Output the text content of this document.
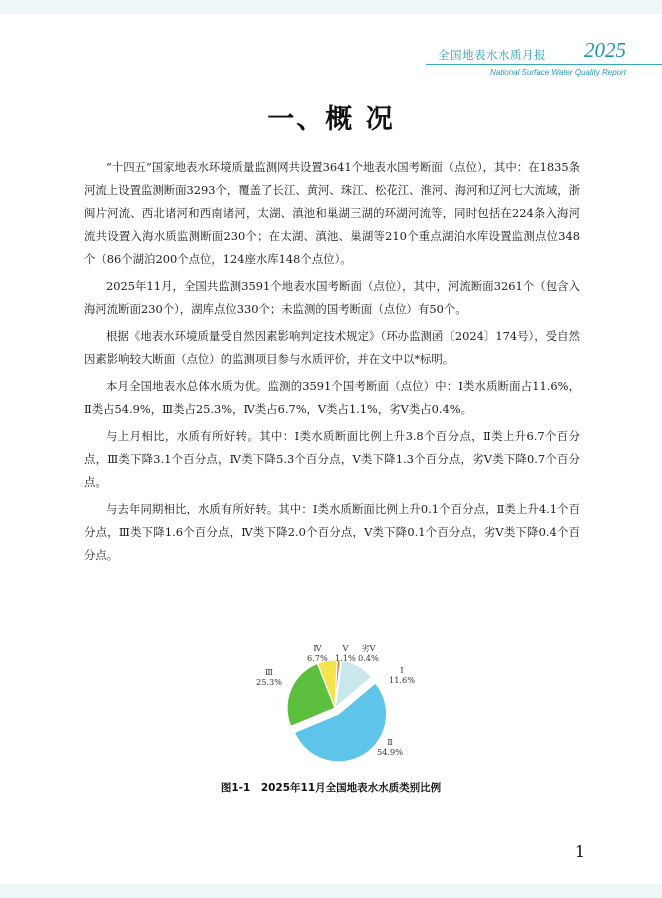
全国地表水水质月报 2025
National Surface Water Quality Report
一、概 况

“十四五”国家地表水环境质量监测网共设置3641个地表水国考断面（点位），其中：在1835条河流上设置监测断面3293个，覆盖了长江、黄河、珠江、松花江、淮河、海河和辽河七大流域，浙闽片河流、西北诸河和西南诸河，太湖、滇池和巢湖三湖的环湖河流等，同时包括在224条入海河流共设置入海水质监测断面230个；在太湖、滇池、巢湖等210个重点湖泊水库设置监测点位348个（86个湖泊200个点位，124座水库148个点位）。

2025年11月，全国共监测3591个地表水国考断面（点位），其中，河流断面3261个（包含入海河流断面230个），湖库点位330个；未监测的国考断面（点位）有50个。

根据《地表水环境质量受自然因素影响判定技术规定》（环办监测函〔2024〕174号），受自然因素影响较大断面（点位）的监测项目参与水质评价，并在文中以*标明。

本月全国地表水总体水质为优。监测的3591个国考断面（点位）中：Ⅰ类水质断面占11.6%，Ⅱ类占54.9%，Ⅲ类占25.3%，Ⅳ类占6.7%，Ⅴ类占1.1%，劣Ⅴ类占0.4%。

与上月相比，水质有所好转。其中：Ⅰ类水质断面比例上升3.8个百分点，Ⅱ类上升6.7个百分点，Ⅲ类下降3.1个百分点，Ⅳ类下降5.3个百分点，Ⅴ类下降1.3个百分点，劣Ⅴ类下降0.7个百分点。

与去年同期相比，水质有所好转。其中：Ⅰ类水质断面比例上升0.1个百分点，Ⅱ类上升4.1个百分点，Ⅲ类下降1.6个百分点，Ⅳ类下降2.0个百分点，Ⅴ类下降0.1个百分点，劣Ⅴ类下降0.4个百分点。

Ⅰ
11.6%
Ⅱ
54.9%
Ⅲ
25.3%
Ⅳ
6.7%
Ⅴ
1.1%
劣Ⅴ
0.4%
图1-1　2025年11月全国地表水水质类别比例
1
